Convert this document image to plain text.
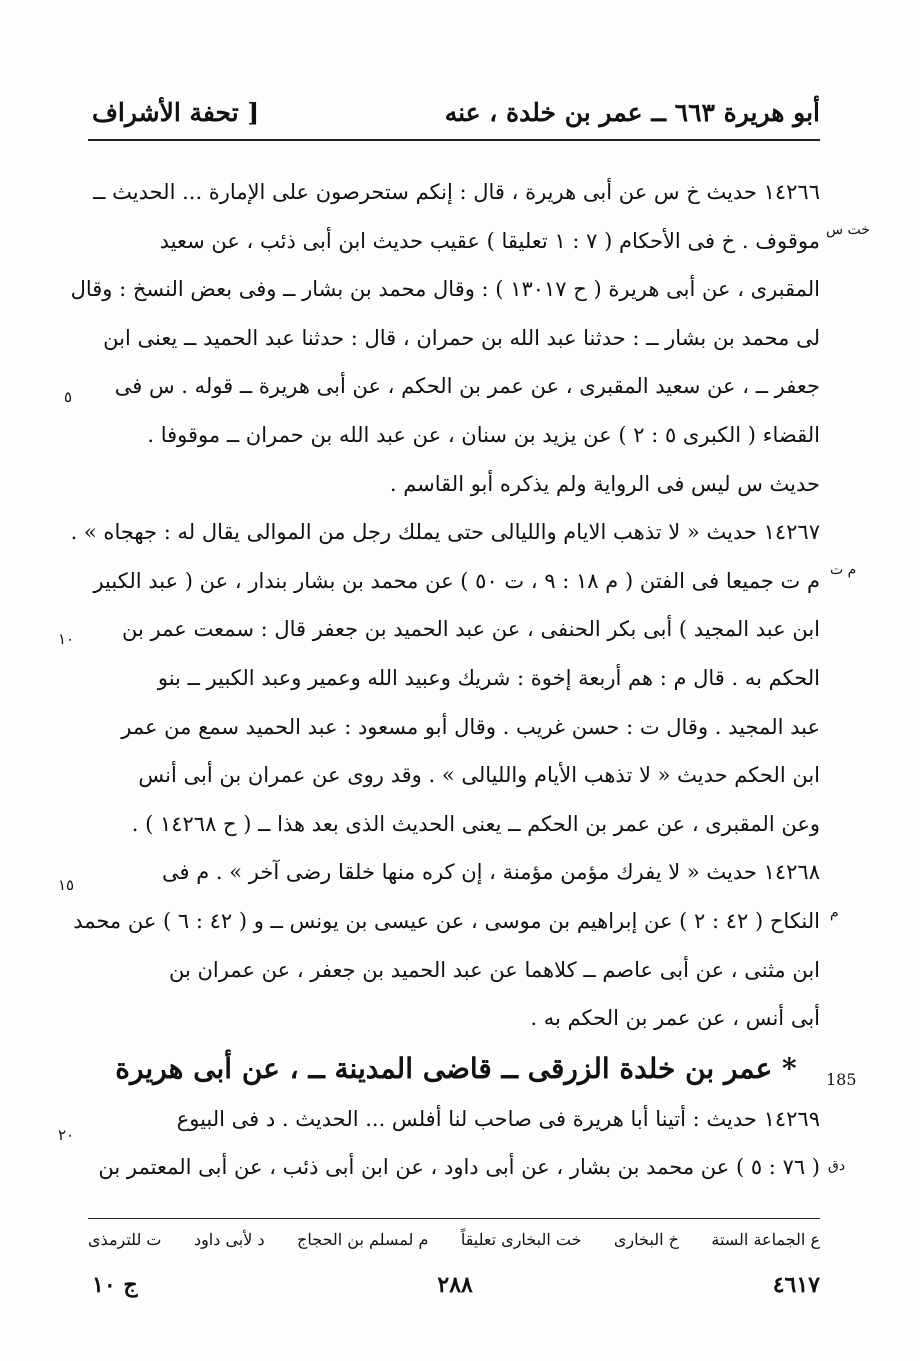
أبو هريرة ٦٦٣ ــ عمر بن خلدة ، عنه
[ تحفة الأشراف
١٤٢٦٦ حديث خ س عن أبى هريرة ، قال : إنكم ستحرصون على الإمارة ... الحديث ــ
موقوف . خ فى الأحكام ( ٧ : ١ تعليقا ) عقيب حديث ابن أبى ذئب ، عن سعيد
المقبرى ، عن أبى هريرة ( ح ١٣٠١٧ ) : وقال محمد بن بشار ــ وفى بعض النسخ : وقال
لى محمد بن بشار ــ : حدثنا عبد الله بن حمران ، قال : حدثنا عبد الحميد ــ يعنى ابن
جعفر ــ ، عن سعيد المقبرى ، عن عمر بن الحكم ، عن أبى هريرة ــ قوله . س فى
القضاء ( الكبرى ٥ : ٢ ) عن يزيد بن سنان ، عن عبد الله بن حمران ــ موقوفا .
حديث س ليس فى الرواية ولم يذكره أبو القاسم .
١٤٢٦٧ حديث « لا تذهب الايام والليالى حتى يملك رجل من الموالى يقال له : جهجاه » .
م ت جميعا فى الفتن ( م ١٨ : ٩ ، ت ٥٠ ) عن محمد بن بشار بندار ، عن ( عبد الكبير
ابن عبد المجيد ) أبى بكر الحنفى ، عن عبد الحميد بن جعفر قال : سمعت عمر بن
الحكم به . قال م : هم أربعة إخوة : شريك وعبيد الله وعمير وعبد الكبير ــ بنو
عبد المجيد . وقال ت : حسن غريب . وقال أبو مسعود : عبد الحميد سمع من عمر
ابن الحكم حديث « لا تذهب الأيام والليالى » . وقد روى عن عمران بن أبى أنس
وعن المقبرى ، عن عمر بن الحكم ــ يعنى الحديث الذى بعد هذا ــ ( ح ١٤٢٦٨ ) .
١٤٢٦٨ حديث « لا يفرك مؤمن مؤمنة ، إن كره منها خلقا رضى آخر » . م فى
النكاح ( ٤٢ : ٢ ) عن إبراهيم بن موسى ، عن عيسى بن يونس ــ و ( ٤٢ : ٦ ) عن محمد
ابن مثنى ، عن أبى عاصم ــ كلاهما عن عبد الحميد بن جعفر ، عن عمران بن
أبى أنس ، عن عمر بن الحكم به .
* عمر بن خلدة الزرقى ــ قاضى المدينة ــ ، عن أبى هريرة
١٤٢٦٩ حديث : أتينا أبا هريرة فى صاحب لنا أفلس ... الحديث . د فى البيوع
( ٧٦ : ٥ ) عن محمد بن بشار ، عن أبى داود ، عن ابن أبى ذئب ، عن أبى المعتمر بن
خت س
م ت
م
دق
185
٥
١٠
١٥
٢٠
ع الجماعة الستة
خ البخارى
خت البخارى تعليقاً
م لمسلم بن الحجاج
د لأبى داود
ت للترمذى
٤٦١٧
٢٨٨
ج ١٠
